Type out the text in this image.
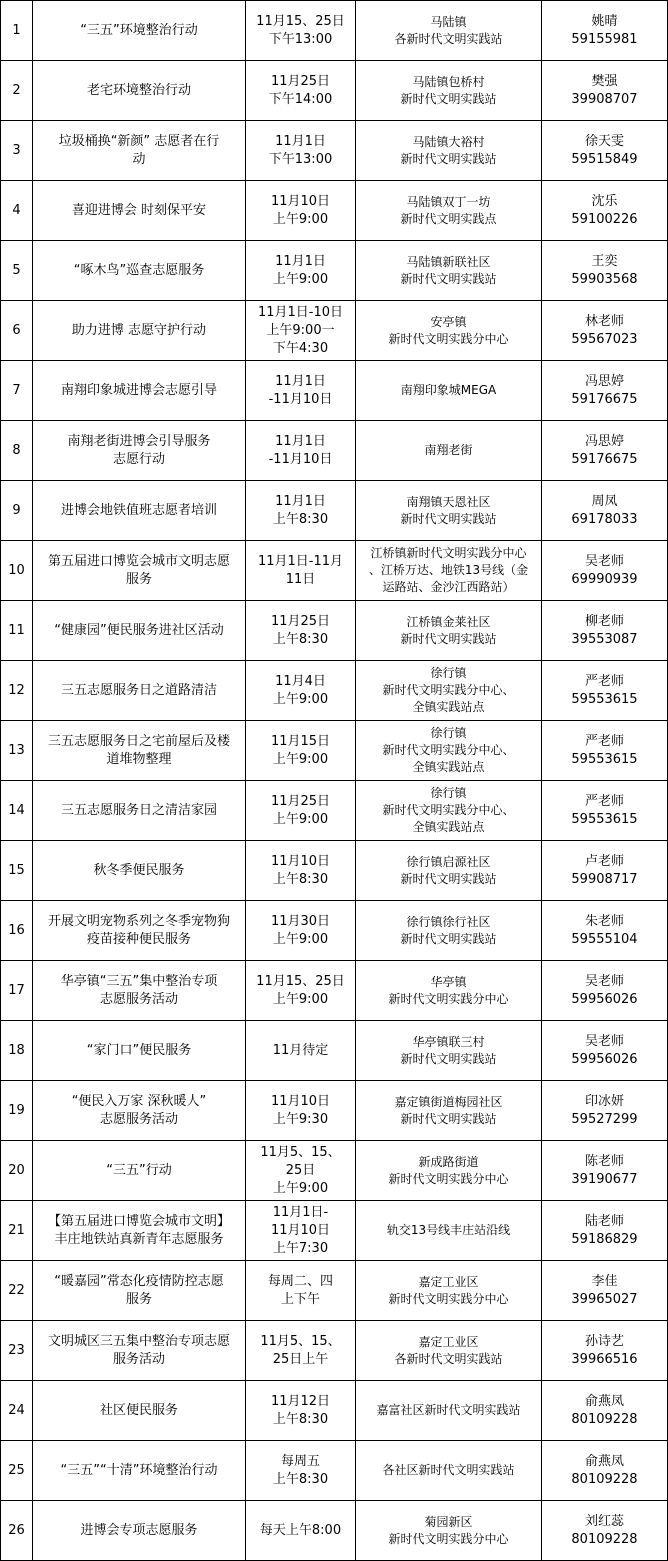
1	“三五”环境整治行动	11月15、25日
下午13:00	马陆镇
各新时代文明实践站	姚晴
59155981

2	老宅环境整治行动	11月25日
下午14:00	马陆镇包桥村
新时代文明实践站	樊强
39908707

3	垃圾桶换“新颜” 志愿者在行
动	11月1日
下午13:00	马陆镇大裕村
新时代文明实践站	徐天雯
59515849

4	喜迎进博会 时刻保平安	11月10日
上午9:00	马陆镇双丁一坊
新时代文明实践点	沈乐
59100226

5	“啄木鸟”巡查志愿服务	11月1日
上午9:00	马陆镇新联社区
新时代文明实践站	王奕
59903568

6	助力进博 志愿守护行动	11月1日-10日
上午9:00一
下午4:30	安亭镇
新时代文明实践分中心	林老师
59567023

7	南翔印象城进博会志愿引导	11月1日
-11月10日	南翔印象城MEGA	冯思婷
59176675

8	南翔老街进博会引导服务
志愿行动	11月1日
-11月10日	南翔老街	冯思婷
59176675

9	进博会地铁值班志愿者培训	11月1日
上午8:30	南翔镇天恩社区
新时代文明实践站	周凤
69178033

10	第五届进口博览会城市文明志愿
服务	11月1日-11月
11日	江桥镇新时代文明实践分中心
、江桥万达、地铁13号线（金
运路站、金沙江西路站）	吴老师
69990939

11	“健康园”便民服务进社区活动	11月25日
上午8:30	江桥镇金莱社区
新时代文明实践站	柳老师
39553087

12	三五志愿服务日之道路清洁	11月4日
上午9:00	徐行镇
新时代文明实践分中心、
全镇实践站点	严老师
59553615

13	三五志愿服务日之宅前屋后及楼
道堆物整理	11月15日
上午9:00	徐行镇
新时代文明实践分中心、
全镇实践站点	严老师
59553615

14	三五志愿服务日之清洁家园	11月25日
上午9:00	徐行镇
新时代文明实践分中心、
全镇实践站点	严老师
59553615

15	秋冬季便民服务	11月10日
上午8:30	徐行镇启源社区
新时代文明实践站	卢老师
59908717

16	开展文明宠物系列之冬季宠物狗
疫苗接种便民服务	11月30日
上午9:00	徐行镇徐行社区
新时代文明实践站	朱老师
59555104

17	华亭镇“三五”集中整治专项
志愿服务活动	11月15、25日
上午9:00	华亭镇
新时代文明实践分中心	吴老师
59956026

18	“家门口”便民服务	11月待定	华亭镇联三村
新时代文明实践站	吴老师
59956026

19	“便民入万家 深秋暖人”
志愿服务活动	11月10日
上午9:30	嘉定镇街道梅园社区
新时代文明实践站	印冰妍
59527299

20	“三五”行动	11月5、15、
25日
上午9:00	新成路街道
新时代文明实践分中心	陈老师
39190677

21	【第五届进口博览会城市文明】
丰庄地铁站真新青年志愿服务	11月1日-
11月10日
上午7:30	轨交13号线丰庄站沿线	陆老师
59186829

22	“暖嘉园”常态化疫情防控志愿
服务	每周二、四
上下午	嘉定工业区
新时代文明实践分中心	李佳
39965027

23	文明城区三五集中整治专项志愿
服务活动	11月5、15、
25日上午	嘉定工业区
各新时代文明实践站	孙诗艺
39966516

24	社区便民服务	11月12日
上午8:30	嘉富社区新时代文明实践站	俞燕凤
80109228

25	“三五”“十清”环境整治行动	每周五
上午8:30	各社区新时代文明实践站	俞燕凤
80109228

26	进博会专项志愿服务	每天上午8:00	菊园新区
新时代文明实践分中心	刘红蕊
80109228
